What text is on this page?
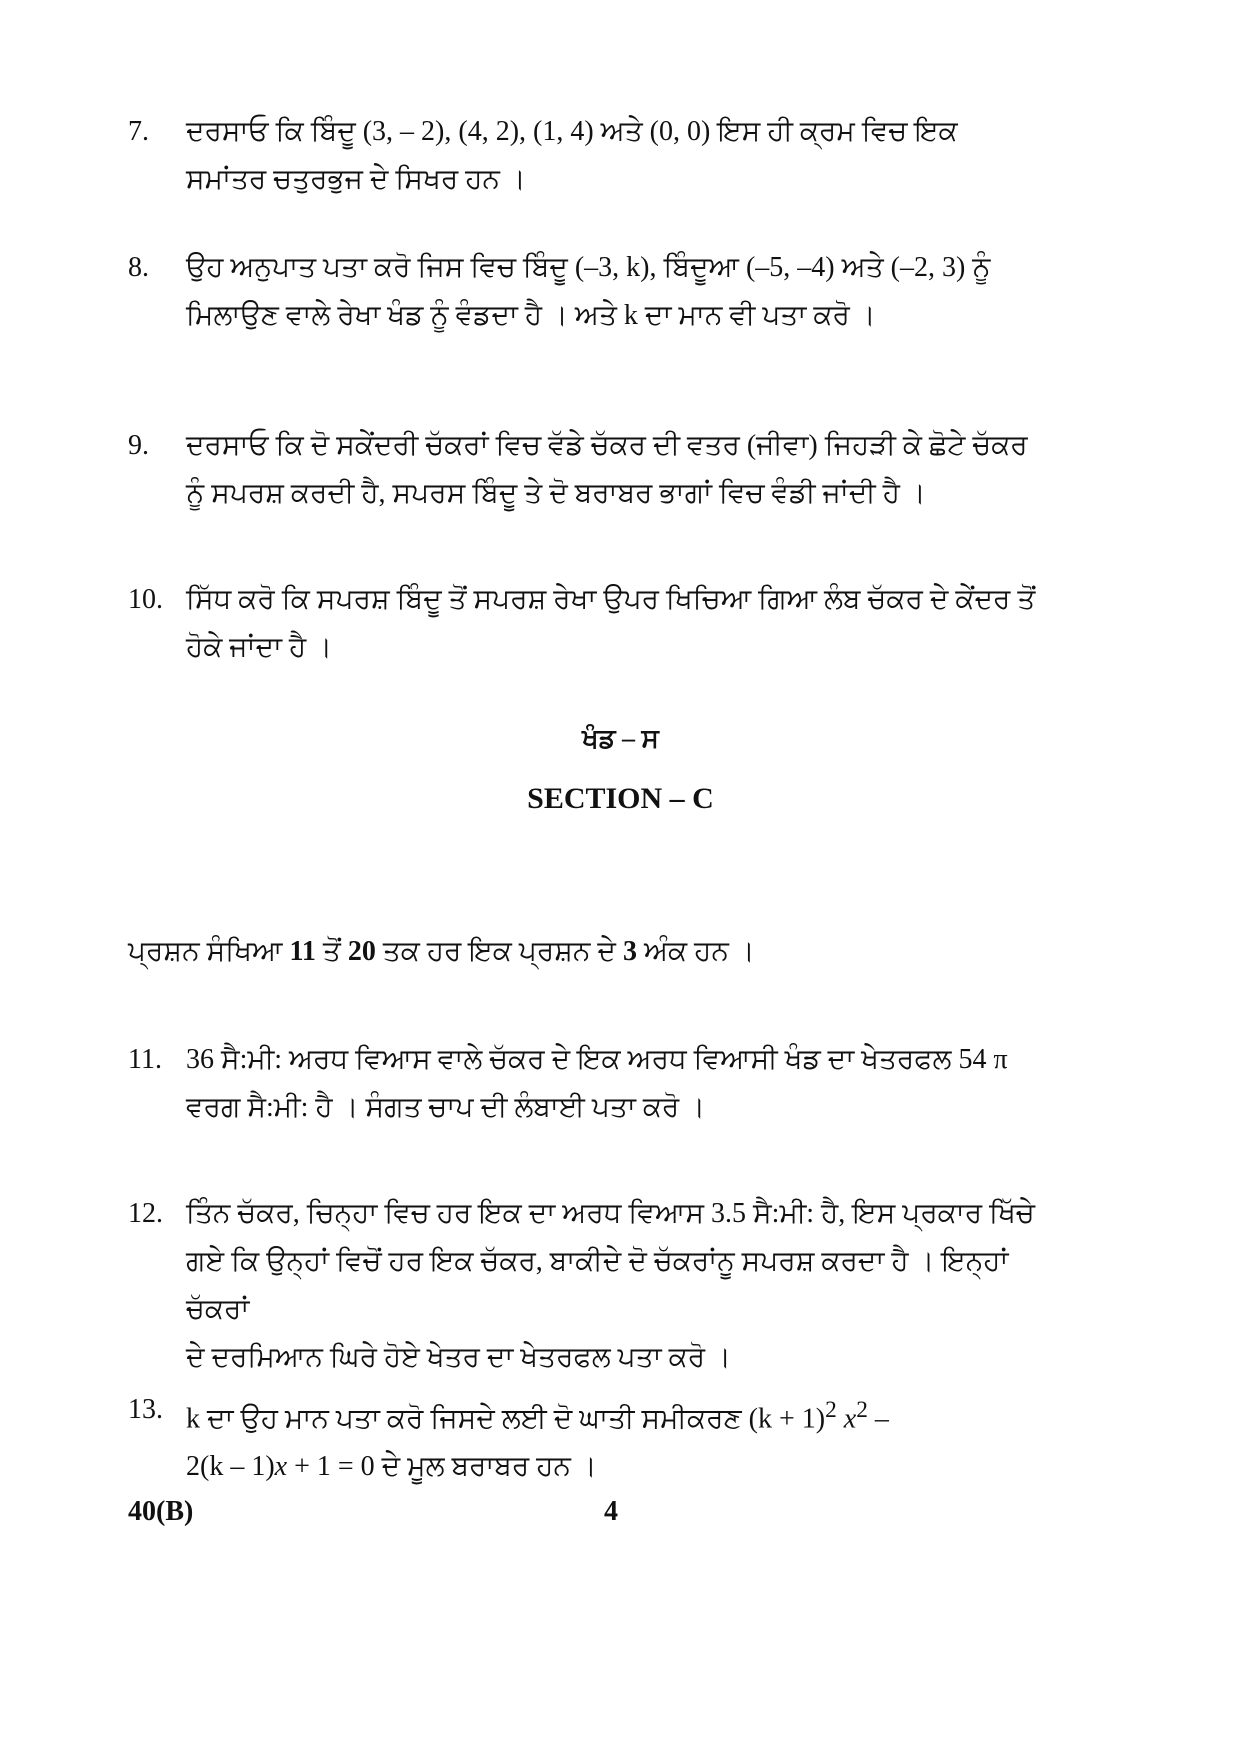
7.	ਦਰਸਾਓ ਕਿ ਬਿੰਦੂ (3, – 2), (4, 2), (1, 4) ਅਤੇ (0, 0) ਇਸ ਹੀ ਕ੍ਰਮ ਵਿਚ ਇਕ
ਸਮਾਂਤਰ ਚਤੁਰਭੁਜ ਦੇ ਸਿਖਰ ਹਨ ।
8.	ਉਹ ਅਨੁਪਾਤ ਪਤਾ ਕਰੋ ਜਿਸ ਵਿਚ ਬਿੰਦੂ (–3, k), ਬਿੰਦੂਆ (–5, –4) ਅਤੇ (–2, 3) ਨੂੰ
ਮਿਲਾਉਣ ਵਾਲੇ ਰੇਖਾ ਖੰਡ ਨੂੰ ਵੰਡਦਾ ਹੈ । ਅਤੇ k ਦਾ ਮਾਨ ਵੀ ਪਤਾ ਕਰੋ ।
9.	ਦਰਸਾਓ ਕਿ ਦੋ ਸਕੇਂਦਰੀ ਚੱਕਰਾਂ ਵਿਚ ਵੱਡੇ ਚੱਕਰ ਦੀ ਵਤਰ (ਜੀਵਾ) ਜਿਹੜੀ ਕੇ ਛੋਟੇ ਚੱਕਰ
ਨੂੰ ਸਪਰਸ਼ ਕਰਦੀ ਹੈ, ਸਪਰਸ ਬਿੰਦੂ ਤੇ ਦੋ ਬਰਾਬਰ ਭਾਗਾਂ ਵਿਚ ਵੰਡੀ ਜਾਂਦੀ ਹੈ ।
10. ਸਿੱਧ ਕਰੋ ਕਿ ਸਪਰਸ਼ ਬਿੰਦੂ ਤੋਂ ਸਪਰਸ਼ ਰੇਖਾ ਉਪਰ ਖਿਚਿਆ ਗਿਆ ਲੰਬ ਚੱਕਰ ਦੇ ਕੇਂਦਰ ਤੋਂ
ਹੋਕੇ ਜਾਂਦਾ ਹੈ ।
ਖੰਡ – ਸ
SECTION – C
ਪ੍ਰਸ਼ਨ ਸੰਖਿਆ 11 ਤੋਂ 20 ਤਕ ਹਰ ਇਕ ਪ੍ਰਸ਼ਨ ਦੇ 3 ਅੰਕ ਹਨ ।
11. 36 ਸੈ:ਮੀ: ਅਰਧ ਵਿਆਸ ਵਾਲੇ ਚੱਕਰ ਦੇ ਇਕ ਅਰਧ ਵਿਆਸੀ ਖੰਡ ਦਾ ਖੇਤਰਫਲ 54 π
ਵਰਗ ਸੈ:ਮੀ: ਹੈ । ਸੰਗਤ ਚਾਪ ਦੀ ਲੰਬਾਈ ਪਤਾ ਕਰੋ ।
12. ਤਿੰਨ ਚੱਕਰ, ਚਿਨ੍ਹਾ ਵਿਚ ਹਰ ਇਕ ਦਾ ਅਰਧ ਵਿਆਸ 3.5 ਸੈ:ਮੀ: ਹੈ, ਇਸ ਪ੍ਰਕਾਰ ਖਿੱਚੇ
ਗਏ ਕਿ ਉਨ੍ਹਾਂ ਵਿਚੋਂ ਹਰ ਇਕ ਚੱਕਰ, ਬਾਕੀਦੇ ਦੋ ਚੱਕਰਾਂਨੂ ਸਪਰਸ਼ ਕਰਦਾ ਹੈ । ਇਨ੍ਹਾਂ ਚੱਕਰਾਂ
ਦੇ ਦਰਮਿਆਨ ਘਿਰੇ ਹੋਏ ਖੇਤਰ ਦਾ ਖੇਤਰਫਲ ਪਤਾ ਕਰੋ ।
13. k ਦਾ ਉਹ ਮਾਨ ਪਤਾ ਕਰੋ ਜਿਸਦੇ ਲਈ ਦੋ ਘਾਤੀ ਸਮੀਕਰਣ $(k + 1)^2$ $x^2$ –
2(k – 1)x + 1 = 0 ਦੇ ਮੂਲ ਬਰਾਬਰ ਹਨ ।
40(B)	4
